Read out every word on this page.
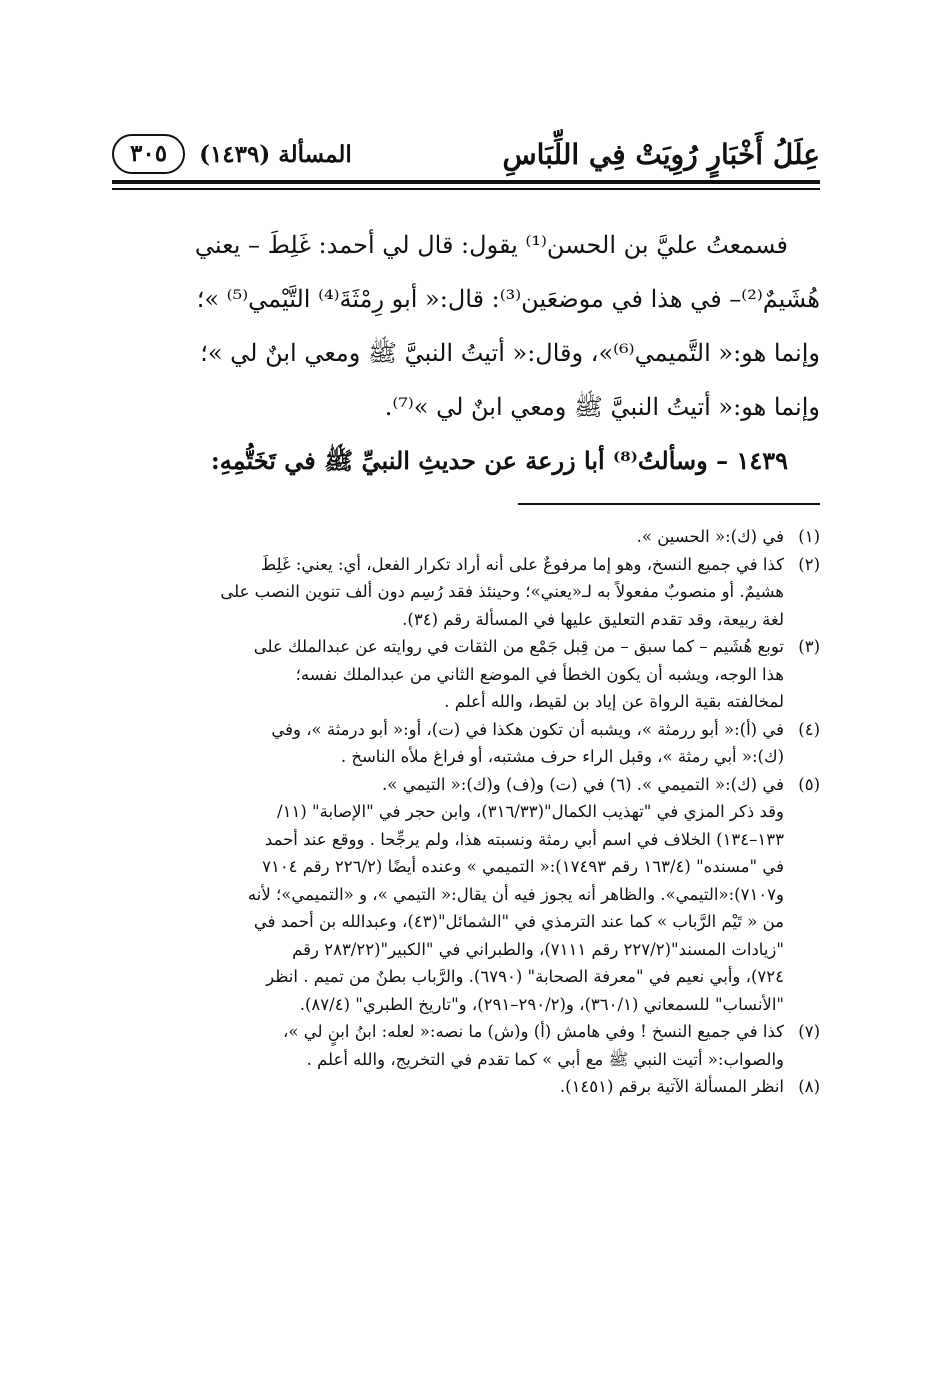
عِلَلُ أَخْبَارٍ رُوِيَتْ فِي اللِّبَاسِ
المسألة (١٤٣٩)
٣٠٥

فسمعتُ عليَّ بن الحسن⁽¹⁾ يقول: قال لي أحمد: غَلِطَ – يعني

هُشَيمٌ⁽²⁾– في هذا في موضعَين⁽³⁾: قال:« أبو رِمْثَةَ⁽⁴⁾ التَّيْمي⁽⁵⁾ »؛

وإنما هو:« التَّميمي⁽⁶⁾»، وقال:« أتيتُ النبيَّ ﷺ ومعي ابنٌ لي »؛

وإنما هو:« أتيتُ النبيَّ ﷺ ومعي ابنٌ لي »⁽⁷⁾.

١٤٣٩ – وسألتُ⁽⁸⁾ أبا زرعة عن حديثِ النبيِّ ﷺ في تَخَتُّمِهِ:

(١)
في (ك):« الحسين ».
(٢)
كذا في جميع النسخ، وهو إما مرفوعٌ على أنه أراد تكرار الفعل، أي: يعني: غَلِطَ
هشيمٌ. أو منصوبٌ مفعولاً به لـ«يعني»؛ وحينئذ فقد رُسِم دون ألف تنوين النصب على
لغة ربيعة، وقد تقدم التعليق عليها في المسألة رقم (٣٤).
(٣)
توبع هُشَيم – كما سبق – من قِبل جَمْع من الثقات في روايته عن عبدالملك على
هذا الوجه، ويشبه أن يكون الخطأ في الموضع الثاني من عبدالملك نفسه؛
لمخالفته بقية الرواة عن إياد بن لقيط، والله أعلم .
(٤)
في (أ):« أبو ررمثة »، ويشبه أن تكون هكذا في (ت)، أو:« أبو درمثة »، وفي
(ك):« أبي رمثة »، وقبل الراء حرف مشتبه، أو فراغ ملأه الناسخ .
(٥)
في (ك):« التميمي ». (٦) في (ت) و(ف) و(ك):« التيمي ».
وقد ذكر المزي في "تهذيب الكمال"(٣١٦/٣٣)، وابن حجر في "الإصابة" (١١/
١٣٣–١٣٤) الخلاف في اسم أبي رمثة ونسبته هذا، ولم يرجِّحا . ووقع عند أحمد
في "مسنده" (١٦٣/٤ رقم ١٧٤٩٣):« التميمي » وعنده أيضًا (٢٢٦/٢ رقم ٧١٠٤
و٧١٠٧):«التيمي». والظاهر أنه يجوز فيه أن يقال:« التيمي »، و «التميمي»؛ لأنه
من « تَيْم الرَّباب » كما عند الترمذي في "الشمائل"(٤٣)، وعبدالله بن أحمد في
"زيادات المسند"(٢٢٧/٢ رقم ٧١١١)، والطبراني في "الكبير"(٢٨٣/٢٢ رقم
٧٢٤)، وأبي نعيم في "معرفة الصحابة" (٦٧٩٠). والرَّباب بطنٌ من تميم . انظر
"الأنساب" للسمعاني (٣٦٠/١)، و(٢٩٠/٢–٢٩١)، و"تاريخ الطبري" (٨٧/٤).
(٧)
كذا في جميع النسخ ! وفي هامش (أ) و(ش) ما نصه:« لعله: ابنُ ابنٍ لي »،
والصواب:« أتيت النبي ﷺ مع أبي » كما تقدم في التخريج، والله أعلم .
(٨)
انظر المسألة الآتية برقم (١٤٥١).
